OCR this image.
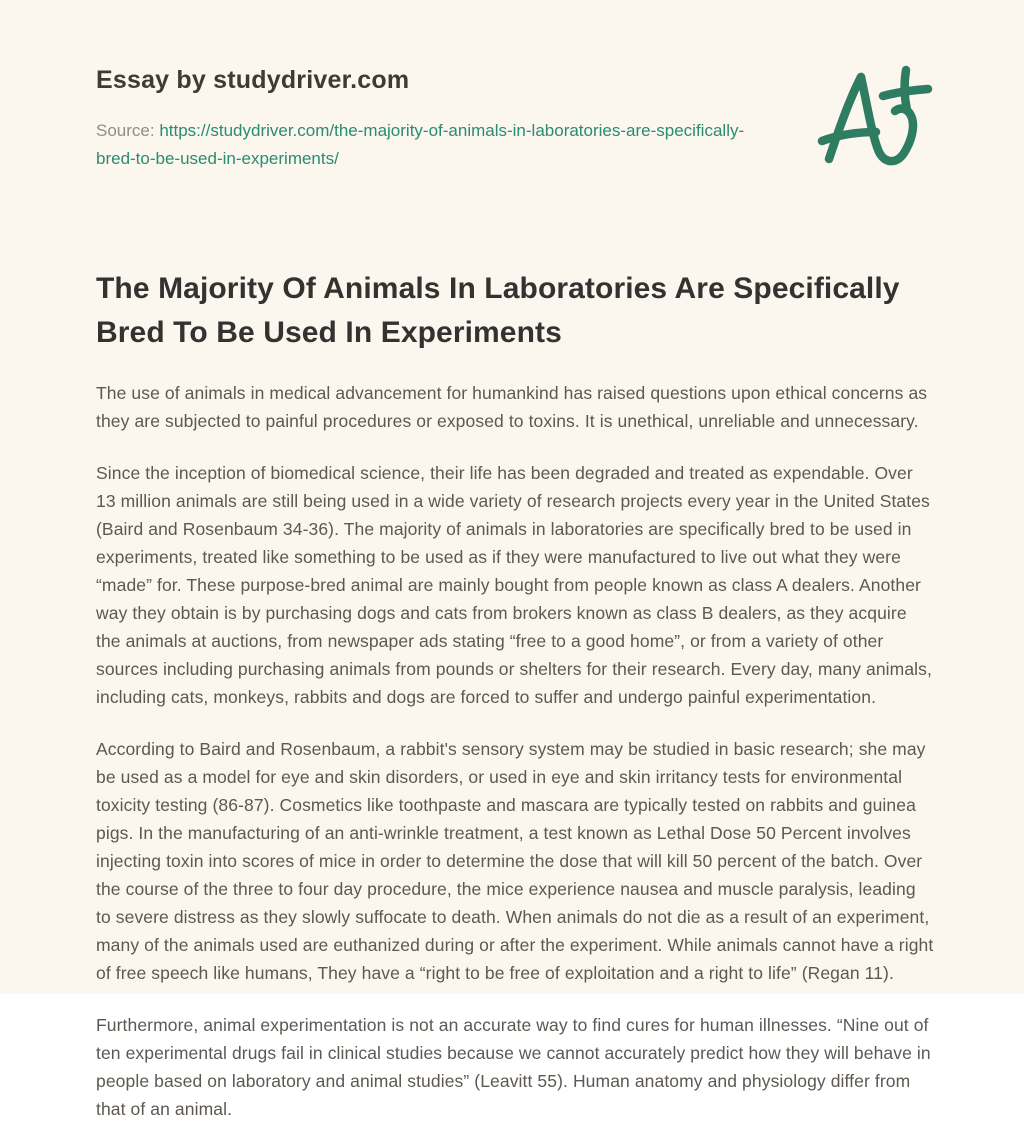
Essay by studydriver.com
Source: https://studydriver.com/the-majority-of-animals-in-laboratories-are-specifically-bred-to-be-used-in-experiments/
The Majority Of Animals In Laboratories Are Specifically Bred To Be Used In Experiments

The use of animals in medical advancement for humankind has raised questions upon ethical concerns as they are subjected to painful procedures or exposed to toxins. It is unethical, unreliable and unnecessary.

Since the inception of biomedical science, their life has been degraded and treated as expendable. Over 13 million animals are still being used in a wide variety of research projects every year in the United States (Baird and Rosenbaum 34-36). The majority of animals in laboratories are specifically bred to be used in experiments, treated like something to be used as if they were manufactured to live out what they were “made” for. These purpose-bred animal are mainly bought from people known as class A dealers. Another way they obtain is by purchasing dogs and cats from brokers known as class B dealers, as they acquire the animals at auctions, from newspaper ads stating “free to a good home”, or from a variety of other sources including purchasing animals from pounds or shelters for their research. Every day, many animals, including cats, monkeys, rabbits and dogs are forced to suffer and undergo painful experimentation.

According to Baird and Rosenbaum, a rabbit's sensory system may be studied in basic research; she may be used as a model for eye and skin disorders, or used in eye and skin irritancy tests for environmental toxicity testing (86-87). Cosmetics like toothpaste and mascara are typically tested on rabbits and guinea pigs. In the manufacturing of an anti-wrinkle treatment, a test known as Lethal Dose 50 Percent involves injecting toxin into scores of mice in order to determine the dose that will kill 50 percent of the batch. Over the course of the three to four day procedure, the mice experience nausea and muscle paralysis, leading to severe distress as they slowly suffocate to death. When animals do not die as a result of an experiment, many of the animals used are euthanized during or after the experiment. While animals cannot have a right of free speech like humans, They have a “right to be free of exploitation and a right to life” (Regan 11).

Furthermore, animal experimentation is not an accurate way to find cures for human illnesses. “Nine out of ten experimental drugs fail in clinical studies because we cannot accurately predict how they will behave in people based on laboratory and animal studies” (Leavitt 55). Human anatomy and physiology differ from that of an animal.
